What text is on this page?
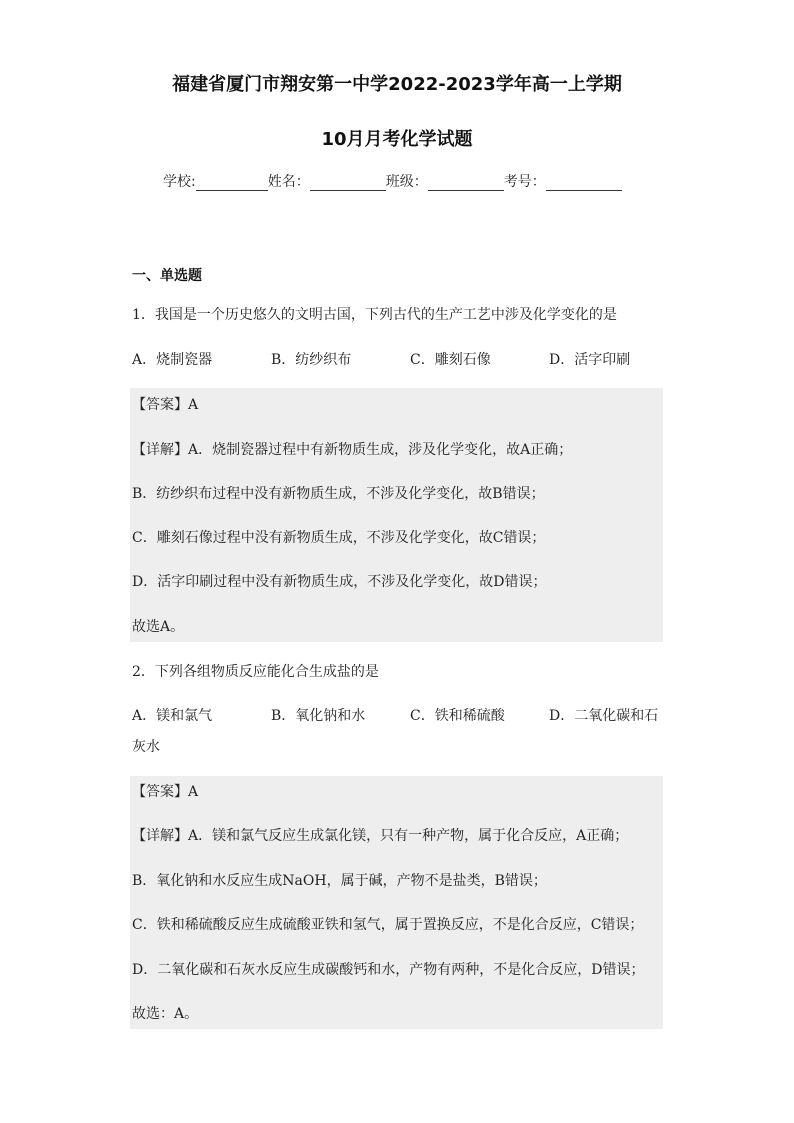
福建省厦门市翔安第一中学2022-2023学年高一上学期
10月月考化学试题
学校:	姓名：	班级：	考号：
一、单选题
1．我国是一个历史悠久的文明古国，下列古代的生产工艺中涉及化学变化的是
A．烧制瓷器	B．纺纱织布	C．雕刻石像	D．活字印刷
【答案】A
【详解】A．烧制瓷器过程中有新物质生成，涉及化学变化，故A正确；
B．纺纱织布过程中没有新物质生成，不涉及化学变化，故B错误；
C．雕刻石像过程中没有新物质生成，不涉及化学变化，故C错误；
D．活字印刷过程中没有新物质生成，不涉及化学变化，故D错误；
故选A。
2．下列各组物质反应能化合生成盐的是
A．镁和氯气	B．氧化钠和水	C．铁和稀硫酸	D．二氧化碳和石
灰水
【答案】A
【详解】A．镁和氯气反应生成氯化镁，只有一种产物，属于化合反应，A正确；
B．氧化钠和水反应生成NaOH，属于碱，产物不是盐类，B错误；
C．铁和稀硫酸反应生成硫酸亚铁和氢气，属于置换反应，不是化合反应，C错误；
D．二氧化碳和石灰水反应生成碳酸钙和水，产物有两种，不是化合反应，D错误；
故选：A。
